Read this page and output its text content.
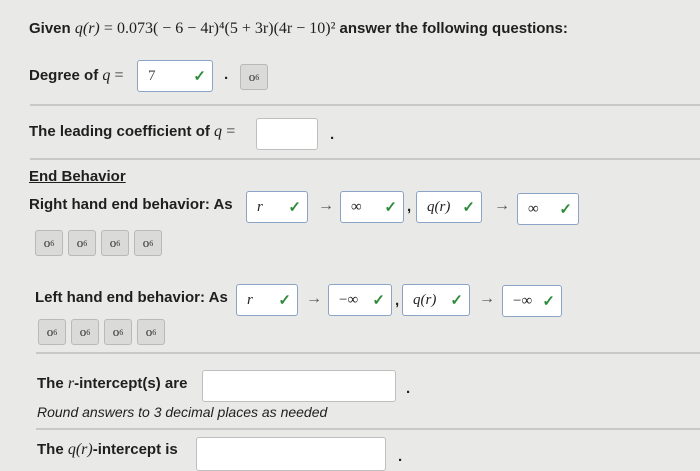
Given q(r) = 0.073( − 6 − 4r)⁴(5 + 3r)(4r − 10)² answer the following questions:
Degree of q = 7	✓ . o 6
The leading coefficient of q =	.
End Behavior
Right hand end behavior: As r	✓ → ∞	✓ , q(r) ✓ → ∞	✓
o 6 o 6 o 6 o 6
Left hand end behavior: As r	✓ → −∞ ✓ , q(r) ✓ → −∞ ✓
o 6 o 6 o 6 o 6
The r-intercept(s) are	.
Round answers to 3 decimal places as needed
The q(r)-intercept is	.
